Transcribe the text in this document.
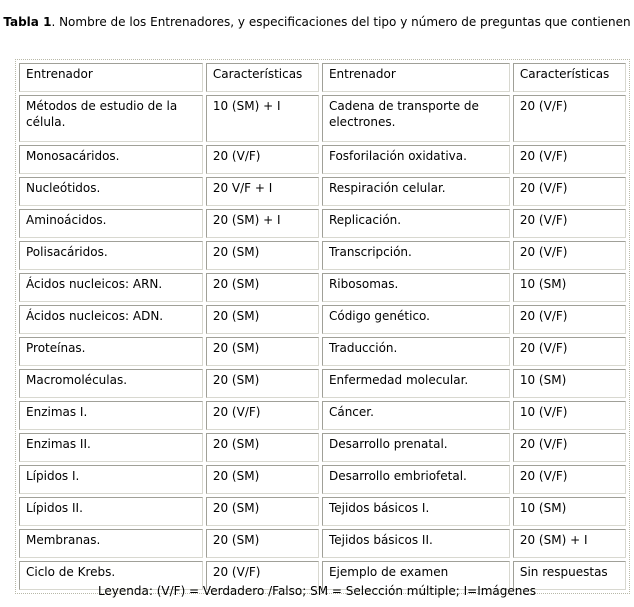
Tabla 1. Nombre de los Entrenadores, y especificaciones del tipo y número de preguntas que contienen
Entrenador	Características	Entrenador	Características
Métodos de estudio de la célula.	10 (SM) + I	Cadena de transporte de electrones.	20 (V/F)
Monosacáridos.	20 (V/F)	Fosforilación oxidativa.	20 (V/F)
Nucleótidos.	20 V/F + I	Respiración celular.	20 (V/F)
Aminoácidos.	20 (SM) + I	Replicación.	20 (V/F)
Polisacáridos.	20 (SM)	Transcripción.	20 (V/F)
Ácidos nucleicos: ARN.	20 (SM)	Ribosomas.	10 (SM)
Ácidos nucleicos: ADN.	20 (SM)	Código genético.	20 (V/F)
Proteínas.	20 (SM)	Traducción.	20 (V/F)
Macromoléculas.	20 (SM)	Enfermedad molecular.	10 (SM)
Enzimas I.	20 (V/F)	Cáncer.	10 (V/F)
Enzimas II.	20 (SM)	Desarrollo prenatal.	20 (V/F)
Lípidos I.	20 (SM)	Desarrollo embriofetal.	20 (V/F)
Lípidos II.	20 (SM)	Tejidos básicos I.	10 (SM)
Membranas.	20 (SM)	Tejidos básicos II.	20 (SM) + I
Ciclo de Krebs.	20 (V/F)	Ejemplo de examen	Sin respuestas
Leyenda: (V/F) = Verdadero /Falso; SM = Selección múltiple; I=Imágenes
